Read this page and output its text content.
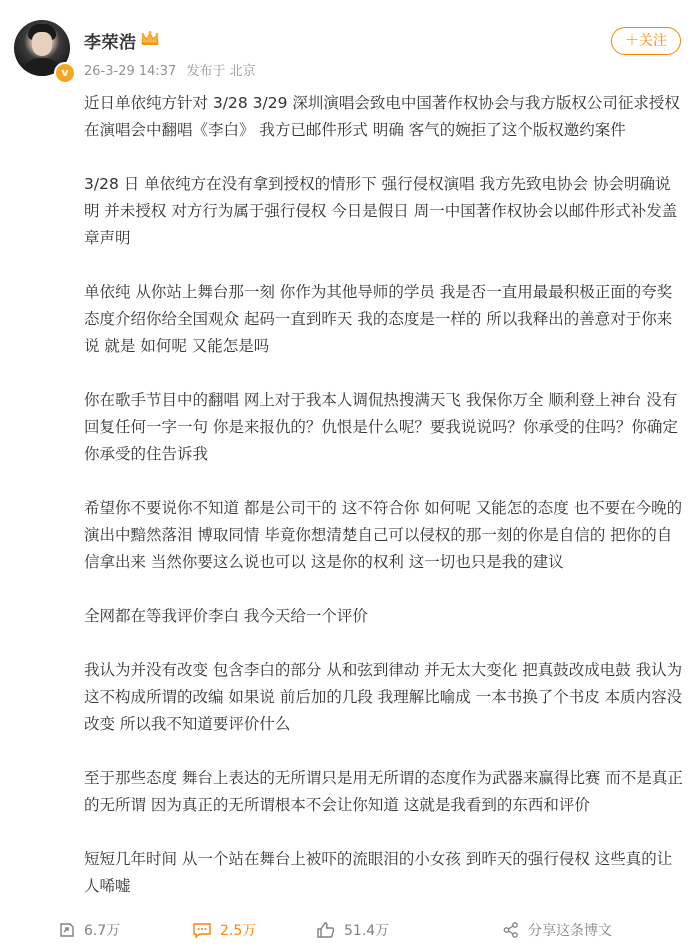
v
李荣浩
26-3-29 14:37 发布于 北京
＋关注

近日单依纯方针对 3/28 3/29 深圳演唱会致电中国著作权协会与我方版权公司征求授权在演唱会中翻唱《李白》 我方已邮件形式 明确 客气的婉拒了这个版权邀约案件

3/28 日 单依纯方在没有拿到授权的情形下 强行侵权演唱 我方先致电协会 协会明确说明 并未授权 对方行为属于强行侵权 今日是假日 周一中国著作权协会以邮件形式补发盖章声明

单依纯 从你站上舞台那一刻 你作为其他导师的学员 我是否一直用最最积极正面的夸奖态度介绍你给全国观众 起码一直到昨天 我的态度是一样的 所以我释出的善意对于你来说 就是 如何呢 又能怎是吗

你在歌手节目中的翻唱 网上对于我本人调侃热搜满天飞 我保你万全 顺利登上神台 没有回复任何一字一句 你是来报仇的？仇恨是什么呢？要我说说吗？你承受的住吗？你确定你承受的住告诉我

希望你不要说你不知道 都是公司干的 这不符合你 如何呢 又能怎的态度 也不要在今晚的演出中黯然落泪 博取同情 毕竟你想清楚自己可以侵权的那一刻的你是自信的 把你的自信拿出来 当然你要这么说也可以 这是你的权利 这一切也只是我的建议

全网都在等我评价李白 我今天给一个评价

我认为并没有改变 包含李白的部分 从和弦到律动 并无太大变化 把真鼓改成电鼓 我认为这不构成所谓的改编 如果说 前后加的几段 我理解比喻成 一本书换了个书皮 本质内容没改变 所以我不知道要评价什么

至于那些态度 舞台上表达的无所谓只是用无所谓的态度作为武器来赢得比赛 而不是真正的无所谓 因为真正的无所谓根本不会让你知道 这就是我看到的东西和评价

短短几年时间 从一个站在舞台上被吓的流眼泪的小女孩 到昨天的强行侵权 这些真的让人唏嘘

6.7万	2.5万	51.4万	分享这条博文
